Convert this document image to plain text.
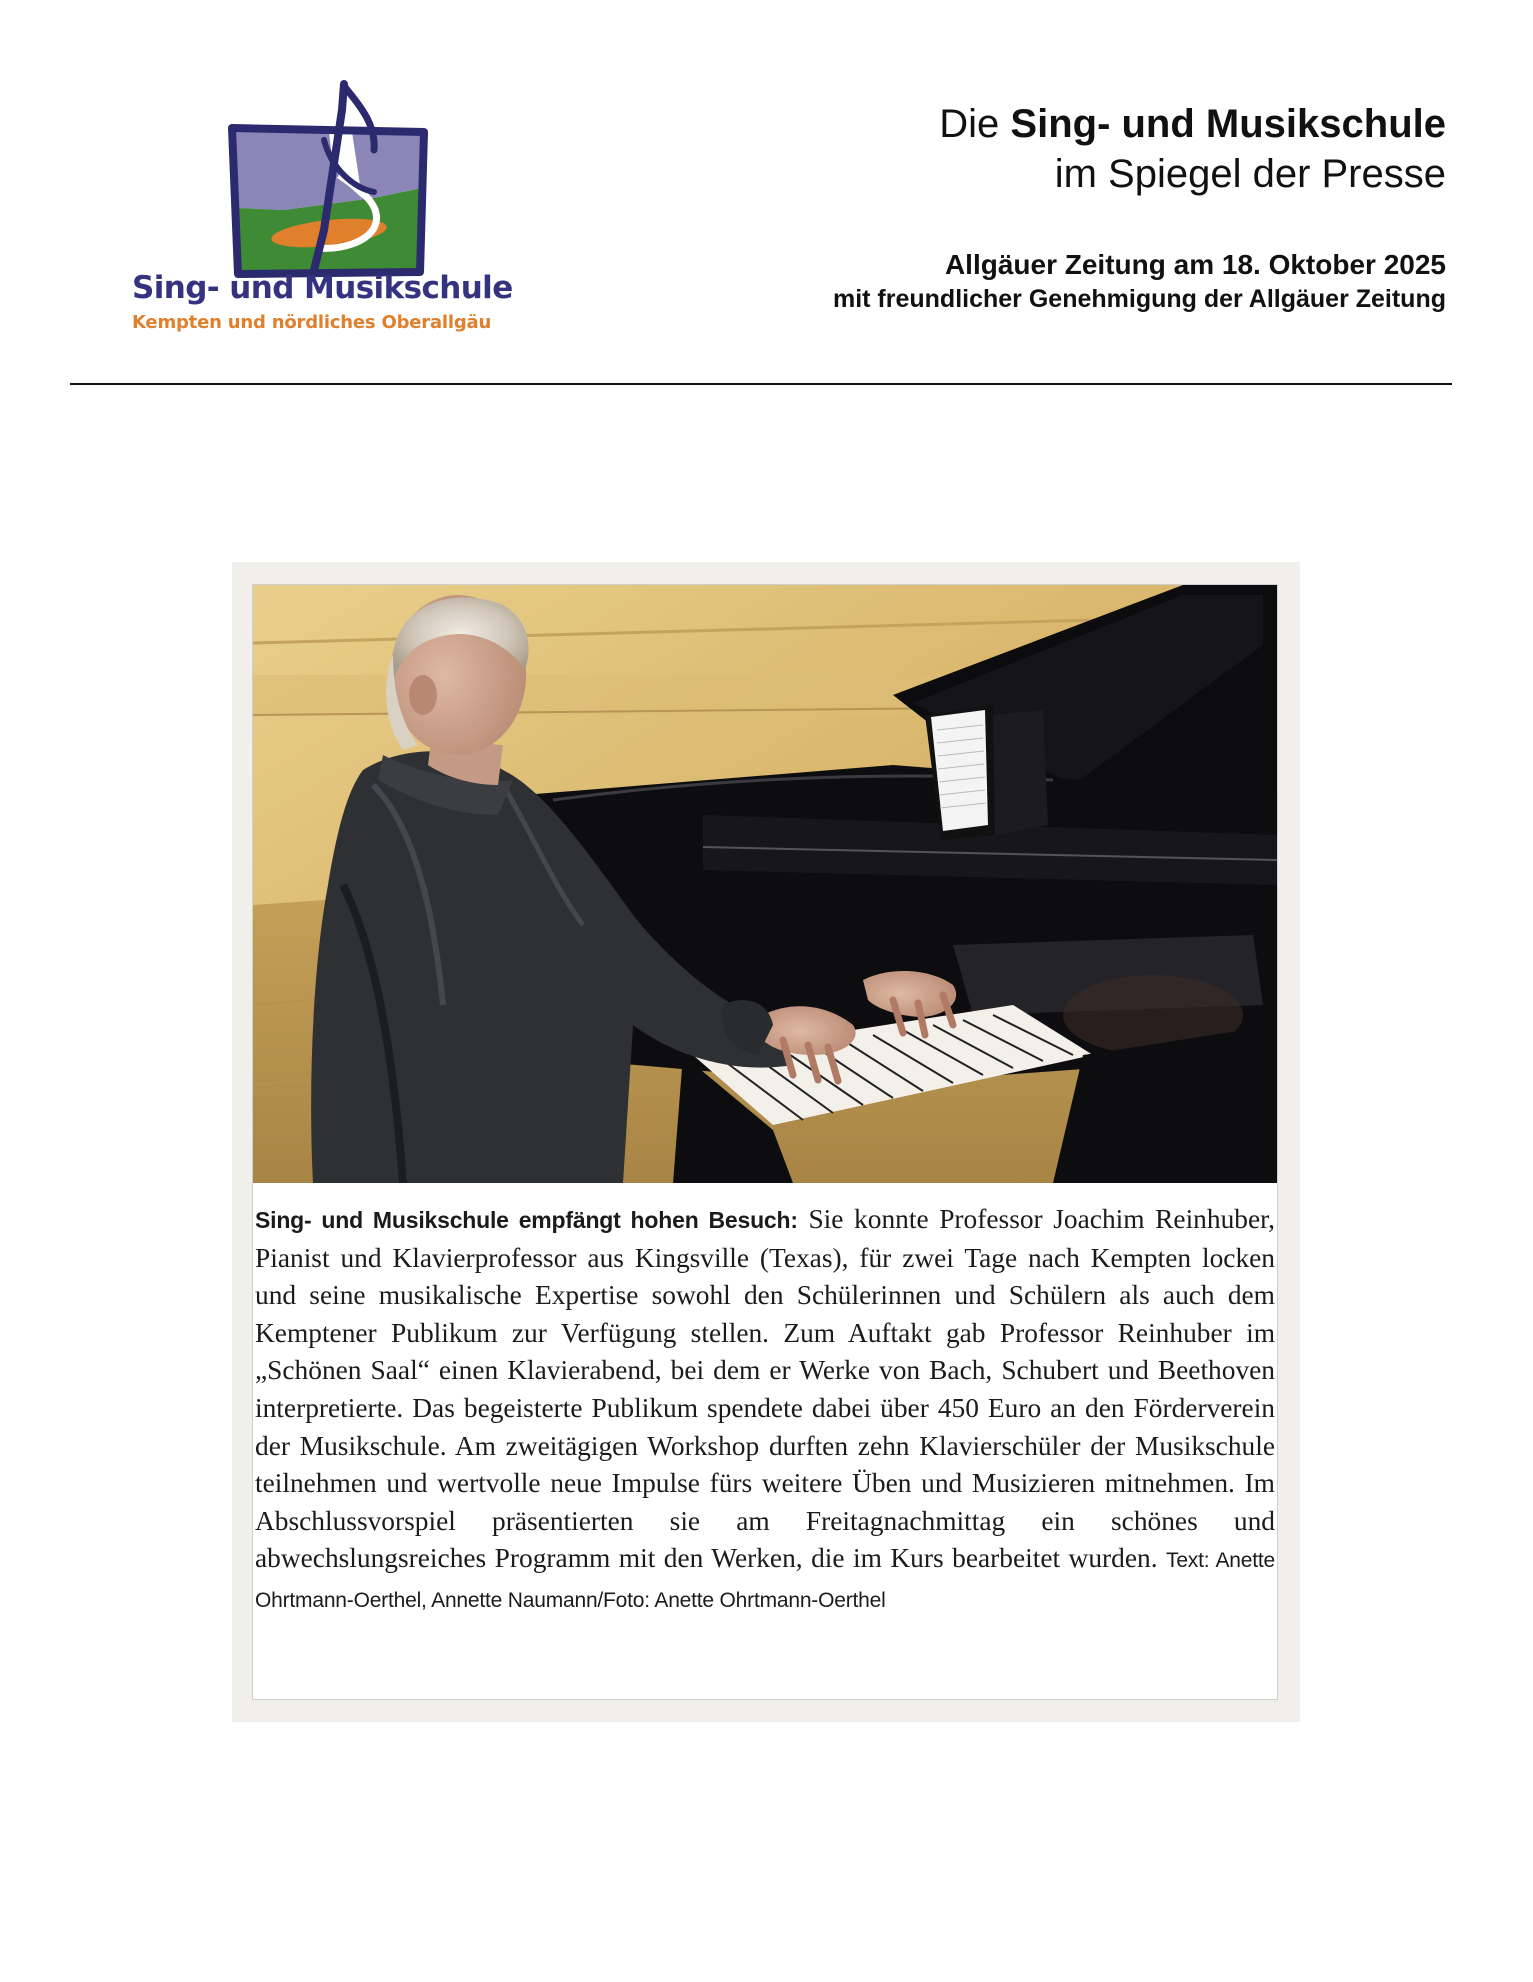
Sing- und Musikschule
Kempten und nördliches Oberallgäu
Die Sing- und Musikschule
im Spiegel der Presse
Allgäuer Zeitung am 18. Oktober 2025
mit freundlicher Genehmigung der Allgäuer Zeitung
Sing- und Musikschule empfängt hohen Besuch: Sie konnte Professor Joachim Reinhuber, Pianist und Klavierprofessor aus Kingsville (Texas), für zwei Tage nach Kempten locken und seine musikalische Expertise sowohl den Schülerinnen und Schülern als auch dem Kemptener Publikum zur Verfügung stellen. Zum Auftakt gab Professor Reinhuber im „Schönen Saal“ einen Klavierabend, bei dem er Werke von Bach, Schubert und Beethoven interpretierte. Das begeisterte Publikum spendete dabei über 450 Euro an den Förderverein der Musikschule. Am zweitägigen Workshop durften zehn Klavierschüler der Musikschule teilnehmen und wertvolle neue Impulse fürs weitere Üben und Musizieren mitnehmen. Im Abschlussvorspiel präsentierten sie am Freitagnachmittag ein schönes und abwechslungsreiches Programm mit den Werken, die im Kurs bearbeitet wurden. Text: Anette Ohrtmann-Oerthel, Annette Naumann/Foto: Anette Ohrtmann-Oerthel
